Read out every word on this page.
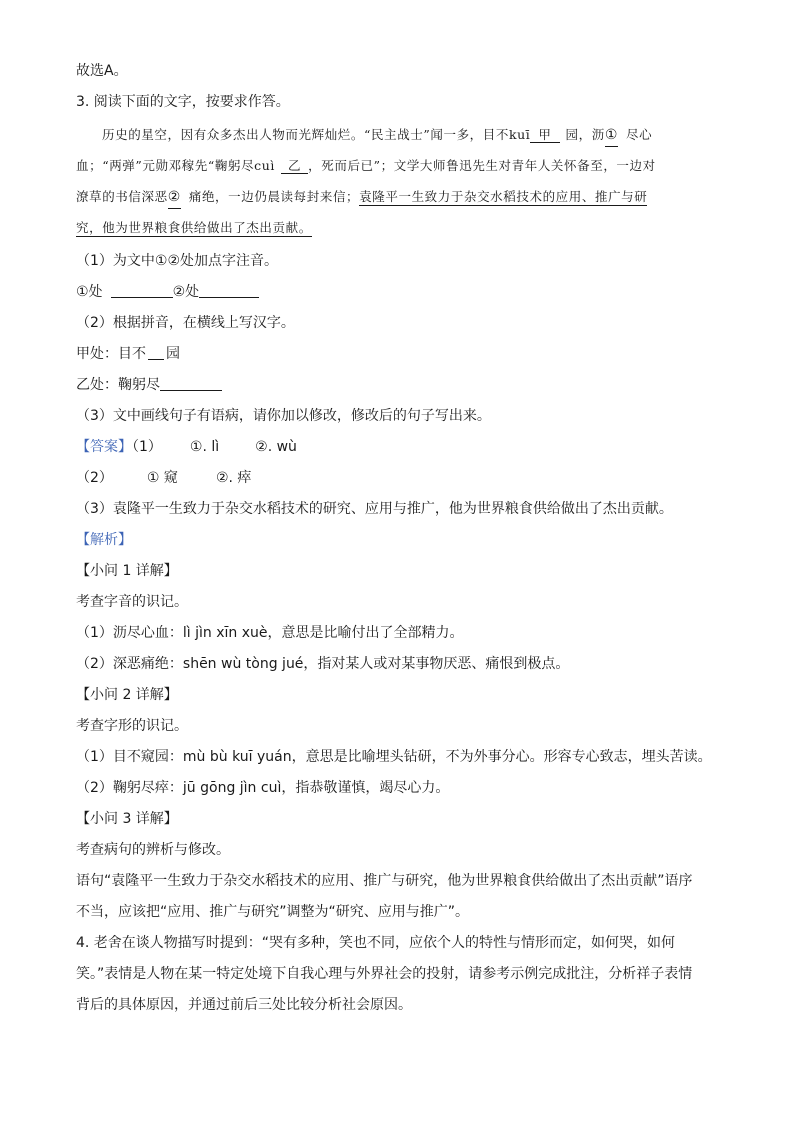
故选A。
3. 阅读下面的文字，按要求作答。
历史的星空，因有众多杰出人物而光辉灿烂。“民主战士”闻一多，目不kuī 甲 园，沥① 尽心
血；“两弹”元勋邓稼先“鞠躬尽cuì 乙 ，死而后已”；文学大师鲁迅先生对青年人关怀备至，一边对
潦草的书信深恶② 痛绝，一边仍晨读每封来信；袁隆平一生致力于杂交水稻技术的应用、推广与研
究，他为世界粮食供给做出了杰出贡献。
（1）为文中①②处加点字注音。
①处	②处
（2）根据拼音，在横线上写汉字。
甲处：目不 园
乙处：鞠躬尽
（3）文中画线句子有语病，请你加以修改，修改后的句子写出来。
【答案】（1） ①. lì	②. wù
（2） ① 窥	②. 瘁
（3）袁隆平一生致力于杂交水稻技术的研究、应用与推广，他为世界粮食供给做出了杰出贡献。
【解析】
【小问 1 详解】
考查字音的识记。
（1）沥尽心血：lì jìn xīn xuè，意思是比喻付出了全部精力。
（2）深恶痛绝：shēn wù tòng jué，指对某人或对某事物厌恶、痛恨到极点。
【小问 2 详解】
考查字形的识记。
（1）目不窥园：mù bù kuī yuán，意思是比喻埋头钻研，不为外事分心。形容专心致志，埋头苦读。
（2）鞠躬尽瘁：jū gōng jìn cuì，指恭敬谨慎，竭尽心力。
【小问 3 详解】
考查病句的辨析与修改。
语句“袁隆平一生致力于杂交水稻技术的应用、推广与研究，他为世界粮食供给做出了杰出贡献”语序
不当，应该把“应用、推广与研究”调整为“研究、应用与推广”。
4. 老舍在谈人物描写时提到：“哭有多种，笑也不同，应依个人的特性与情形而定，如何哭，如何
笑。”表情是人物在某一特定处境下自我心理与外界社会的投射，请参考示例完成批注，分析祥子表情
背后的具体原因，并通过前后三处比较分析社会原因。
